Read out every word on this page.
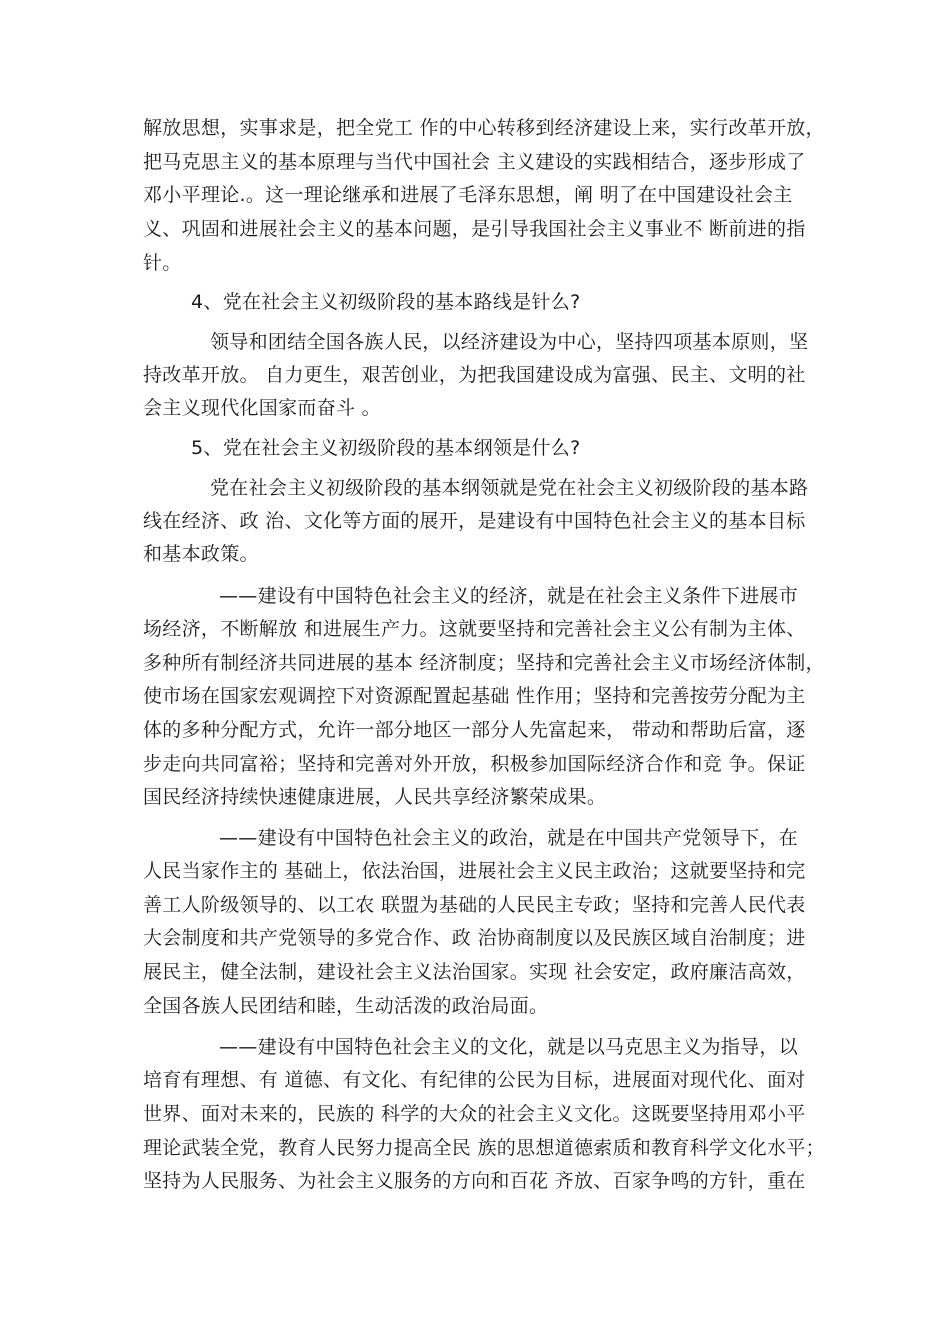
解放思想，实事求是，把全党工 作的中心转移到经济建设上来，实行改革开放，
把马克思主义的基本原理与当代中国社会 主义建设的实践相结合，逐步形成了
邓小平理论.。这一理论继承和进展了毛泽东思想，阐 明了在中国建设社会主
义、巩固和进展社会主义的基本问题，是引导我国社会主义事业不 断前进的指
针。
4、党在社会主义初级阶段的基本路线是针么?
领导和团结全国各族人民，以经济建设为中心，坚持四项基本原则，坚
持改革开放。 自力更生，艰苦创业，为把我国建设成为富强、民主、文明的社
会主义现代化国家而奋斗 。
5、党在社会主义初级阶段的基本纲领是什么?
党在社会主义初级阶段的基本纲领就是党在社会主义初级阶段的基本路
线在经济、政 治、文化等方面的展开，是建设有中国特色社会主义的基本目标
和基本政策。
——建设有中国特色社会主义的经济，就是在社会主义条件下进展市
场经济，不断解放 和进展生产力。这就要坚持和完善社会主义公有制为主体、
多种所有制经济共同进展的基本 经济制度；坚持和完善社会主义市场经济体制，
使市场在国家宏观调控下对资源配置起基础 性作用；坚持和完善按劳分配为主
体的多种分配方式，允许一部分地区一部分人先富起来， 带动和帮助后富，逐
步走向共同富裕；坚持和完善对外开放，积极参加国际经济合作和竞 争。保证
国民经济持续快速健康进展，人民共享经济繁荣成果。
——建设有中国特色社会主义的政治，就是在中国共产党领导下，在
人民当家作主的 基础上，依法治国，进展社会主义民主政治；这就要坚持和完
善工人阶级领导的、以工农 联盟为基础的人民民主专政；坚持和完善人民代表
大会制度和共产党领导的多党合作、政 治协商制度以及民族区域自治制度；进
展民主，健全法制，建设社会主义法治国家。实现 社会安定，政府廉洁高效，
全国各族人民团结和睦，生动活泼的政治局面。
——建设有中国特色社会主义的文化，就是以马克思主义为指导，以
培育有理想、有 道德、有文化、有纪律的公民为目标，进展面对现代化、面对
世界、面对未来的，民族的 科学的大众的社会主义文化。这既要坚持用邓小平
理论武装全党，教育人民努力提高全民 族的思想道德索质和教育科学文化水平；
坚持为人民服务、为社会主义服务的方向和百花 齐放、百家争鸣的方针，重在
